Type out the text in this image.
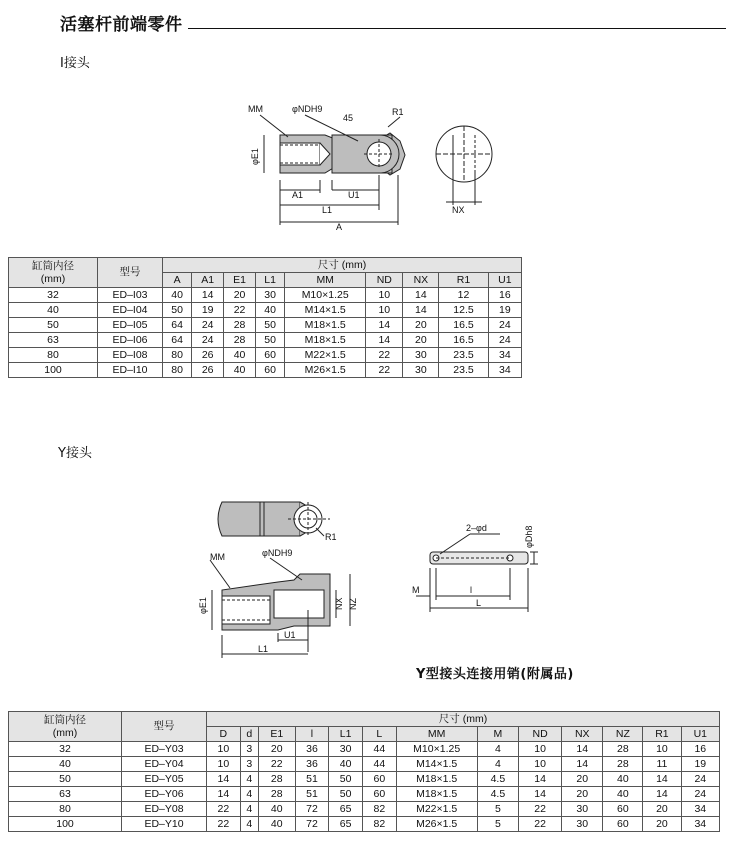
活塞杆前端零件
I接头
MM	φNDH9
45
R1
φE1
A1	U1
L1
A
NX
缸筒内径
(mm)	型号	尺寸 (mm)								
		A	A1	E1	L1	MM	ND	NX	R1	U1
32	ED–I03	40	14	20	30	M10×1.25	10	14	12	16
40	ED–I04	50	19	22	40	M14×1.5	10	14	12.5	19
50	ED–I05	64	24	28	50	M18×1.5	14	20	16.5	24
63	ED–I06	64	24	28	50	M18×1.5	14	20	16.5	24
80	ED–I08	80	26	40	60	M22×1.5	22	30	23.5	34
100	ED–I10	80	26	40	60	M26×1.5	22	30	23.5	34
Y接头
R1
MM	φNDH9
φE1	NX NZ
U1
L1
2–φd	φDh8
M	l
L
Y型接头连接用销(附属品)
缸筒内径
(mm)	型号	尺寸 (mm)												
		D	d	E1	l	L1	L	MM	M	ND	NX	NZ	R1	U1
32	ED–Y03	10	3	20	36	30	44	M10×1.25	4	10	14	28	10	16
40	ED–Y04	10	3	22	36	40	44	M14×1.5	4	10	14	28	11	19
50	ED–Y05	14	4	28	51	50	60	M18×1.5	4.5	14	20	40	14	24
63	ED–Y06	14	4	28	51	50	60	M18×1.5	4.5	14	20	40	14	24
80	ED–Y08	22	4	40	72	65	82	M22×1.5	5	22	30	60	20	34
100	ED–Y10	22	4	40	72	65	82	M26×1.5	5	22	30	60	20	34
